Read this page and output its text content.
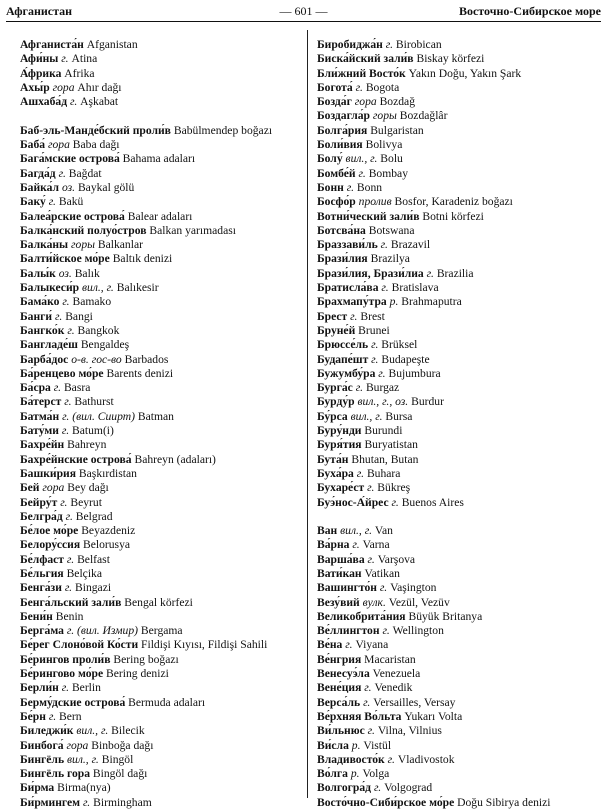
Афганистан	— 601 —	Восточно-Сибирское море
Афганиста́н Afganistan
Афи́ны г. Atina
А́фрика Afrika
Ахы́р гора Ahır dağı
Ашхаба́д г. Aşkabat
Баб-эль-Манде́бский проли́в Babülmendep boğazı
Баба́ гора Baba dağı
Бага́мские острова́ Bahama adaları
Багда́д г. Bağdat
Байка́л оз. Baykal gölü
Баку́ г. Bakü
Балеа́рские острова́ Balear adaları
Балка́нский полуо́стров Balkan yarımadası
Балка́ны горы Balkanlar
Балти́йское мо́ре Baltık denizi
Балы́к оз. Balık
Балыкеси́р вил., г. Balıkesir
Бама́ко г. Bamako
Банги́ г. Bangi
Бангко́к г. Bangkok
Бангладе́ш Bengaldeş
Барба́дос о-в. гос-во Barbados
Ба́ренцево мо́ре Barents denizi
Ба́сра г. Basra
Ба́терст г. Bathurst
Батма́н г. (вил. Сиирт) Batman
Бату́ми г. Batum(i)
Бахре́йн Bahreyn
Бахре́йнские острова́ Bahreyn (adaları)
Башки́рия Başkırdistan
Бей гора Bey dağı
Бейру́т г. Beyrut
Белгра́д г. Belgrad
Бе́лое мо́ре Beyazdeniz
Белору́ссия Belorusya
Бе́лфаст г. Belfast
Бе́льгия Belçika
Бенга́зи г. Bingazi
Бенга́льский зали́в Bengal körfezi
Бени́н Benin
Берга́ма г. (вил. Измир) Bergama
Бе́рег Слоно́вой Ко́сти Fildişi Kıyısı, Fildişi Sahili
Бе́рингов проли́в Bering boğazı
Бе́рингово мо́ре Bering denizi
Берли́н г. Berlin
Берму́дские острова́ Bermuda adaları
Бе́рн г. Bern
Биледжи́к вил., г. Bilecik
Бинбога́ гора Binboğa dağı
Бингёль вил., г. Bingöl
Бингёль гора Bingöl dağı
Би́рма Birma(nya)
Би́рмингем г. Birmingham
Биробиджа́н г. Birobican
Биска́йский зали́в Biskay körfezi
Бли́жний Восто́к Yakın Doğu, Yakın Şark
Богота́ г. Bogota
Бозда́г гора Bozdağ
Боздагла́р горы Bozdağlâr
Болга́рия Bulgaristan
Боли́вия Bolivya
Болу́ вил., г. Bolu
Бомбе́й г. Bombay
Бонн г. Bonn
Босфо́р пролив Bosfor, Karadeniz boğazı
Boтни́ческий зали́в Botni körfezi
Ботсва́на Botswana
Браззави́ль г. Brazavil
Брази́лия Brazilya
Брази́лия, Брази́лиа г. Brazilia
Братисла́ва г. Bratislava
Брахмапу́тра р. Brahmaputra
Брест г. Brest
Бруне́й Brunei
Брюссе́ль г. Brüksel
Будапе́шт г. Budapeşte
Бужумбу́ра г. Bujumbura
Бурга́с г. Burgaz
Бурду́р вил., г., оз. Burdur
Бу́рса вил., г. Bursa
Буру́нди Burundi
Буря́тия Buryatistan
Бута́н Bhutan, Butan
Буха́ра г. Buhara
Бухаре́ст г. Bükreş
Буэ́нос-А́йрес г. Buenos Aires
Ван вил., г. Van
Ва́рна г. Varna
Варша́ва г. Varşova
Вати́кан Vatikan
Вашингто́н г. Vaşington
Везу́вий вулк. Vezül, Vezüv
Великобрита́ния Büyük Britanya
Ве́ллингтон г. Wellington
Ве́на г. Viyana
Ве́нгрия Macaristan
Венесуэ́ла Venezuela
Вене́ция г. Venedik
Верса́ль г. Versailles, Versay
Ве́рхняя Во́льта Yukarı Volta
Ви́льнюс г. Vilna, Vilnius
Ви́сла р. Vistül
Владивосто́к г. Vladivostok
Во́лга р. Volga
Волгогра́д г. Volgograd
Восто́чно-Сиби́рское мо́ре Doğu Sibirya denizi
